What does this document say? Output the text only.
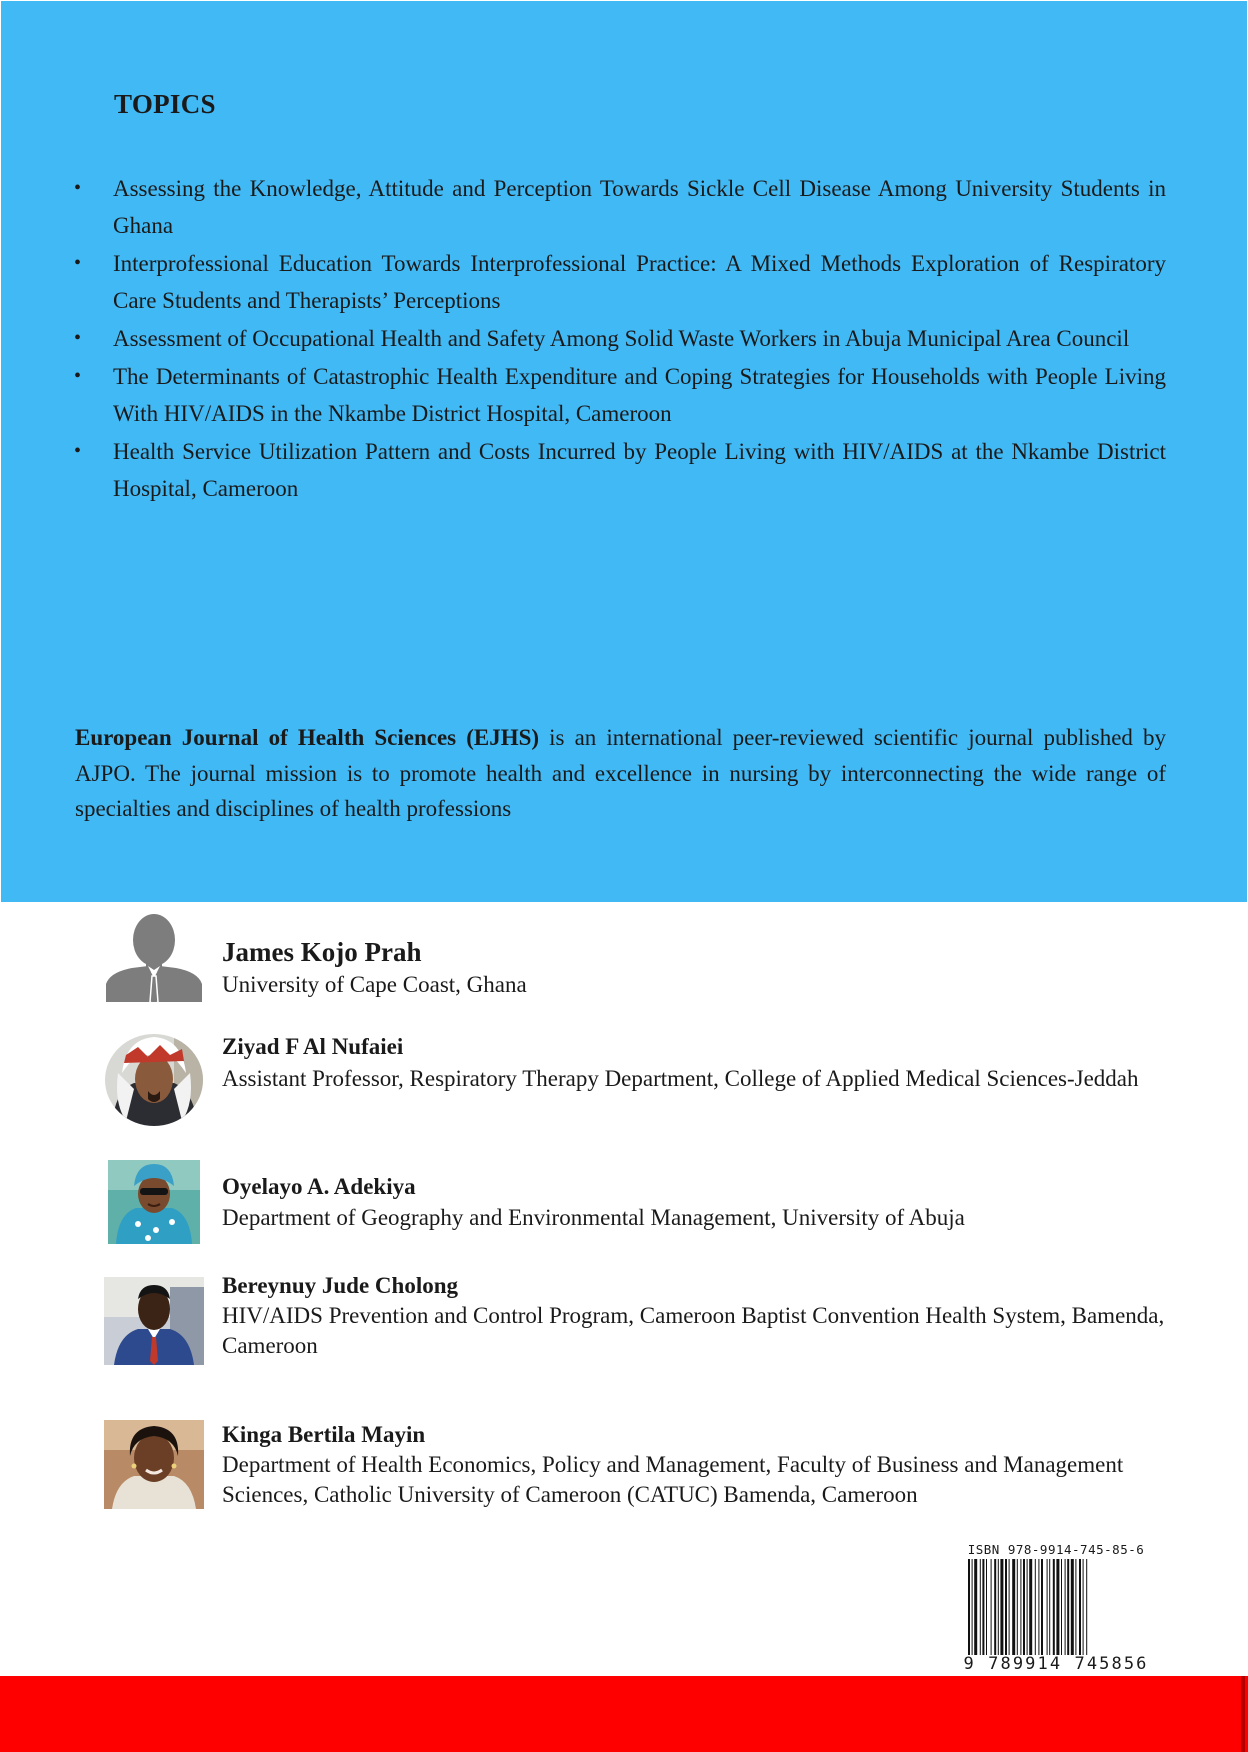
TOPICS
•	Assessing the Knowledge, Attitude and Perception Towards Sickle Cell Disease Among University Students in Ghana
•	Interprofessional Education Towards Interprofessional Practice: A Mixed Methods Exploration of Respiratory Care Students and Therapists’ Perceptions
•	Assessment of Occupational Health and Safety Among Solid Waste Workers in Abuja Municipal Area Council
•	The Determinants of Catastrophic Health Expenditure and Coping Strategies for Households with People Living With HIV/AIDS in the Nkambe District Hospital, Cameroon
•	Health Service Utilization Pattern and Costs Incurred by People Living with HIV/AIDS at the Nkambe District Hospital, Cameroon

European Journal of Health Sciences (EJHS) is an international peer-reviewed scientific journal published by AJPO. The journal mission is to promote health and excellence in nursing by interconnecting the wide range of specialties and disciplines of health professions

James Kojo Prah
University of Cape Coast, Ghana
Ziyad F Al Nufaiei
Assistant Professor, Respiratory Therapy Department, College of Applied Medical Sciences-Jeddah
Oyelayo A. Adekiya
Department of Geography and Environmental Management, University of Abuja
Bereynuy Jude Cholong
HIV/AIDS Prevention and Control Program, Cameroon Baptist Convention Health System, Bamenda, Cameroon
Kinga Bertila Mayin
Department of Health Economics, Policy and Management, Faculty of Business and Management Sciences, Catholic University of Cameroon (CATUC) Bamenda, Cameroon
ISBN 978-9914-745-85-6
9 789914 745856
